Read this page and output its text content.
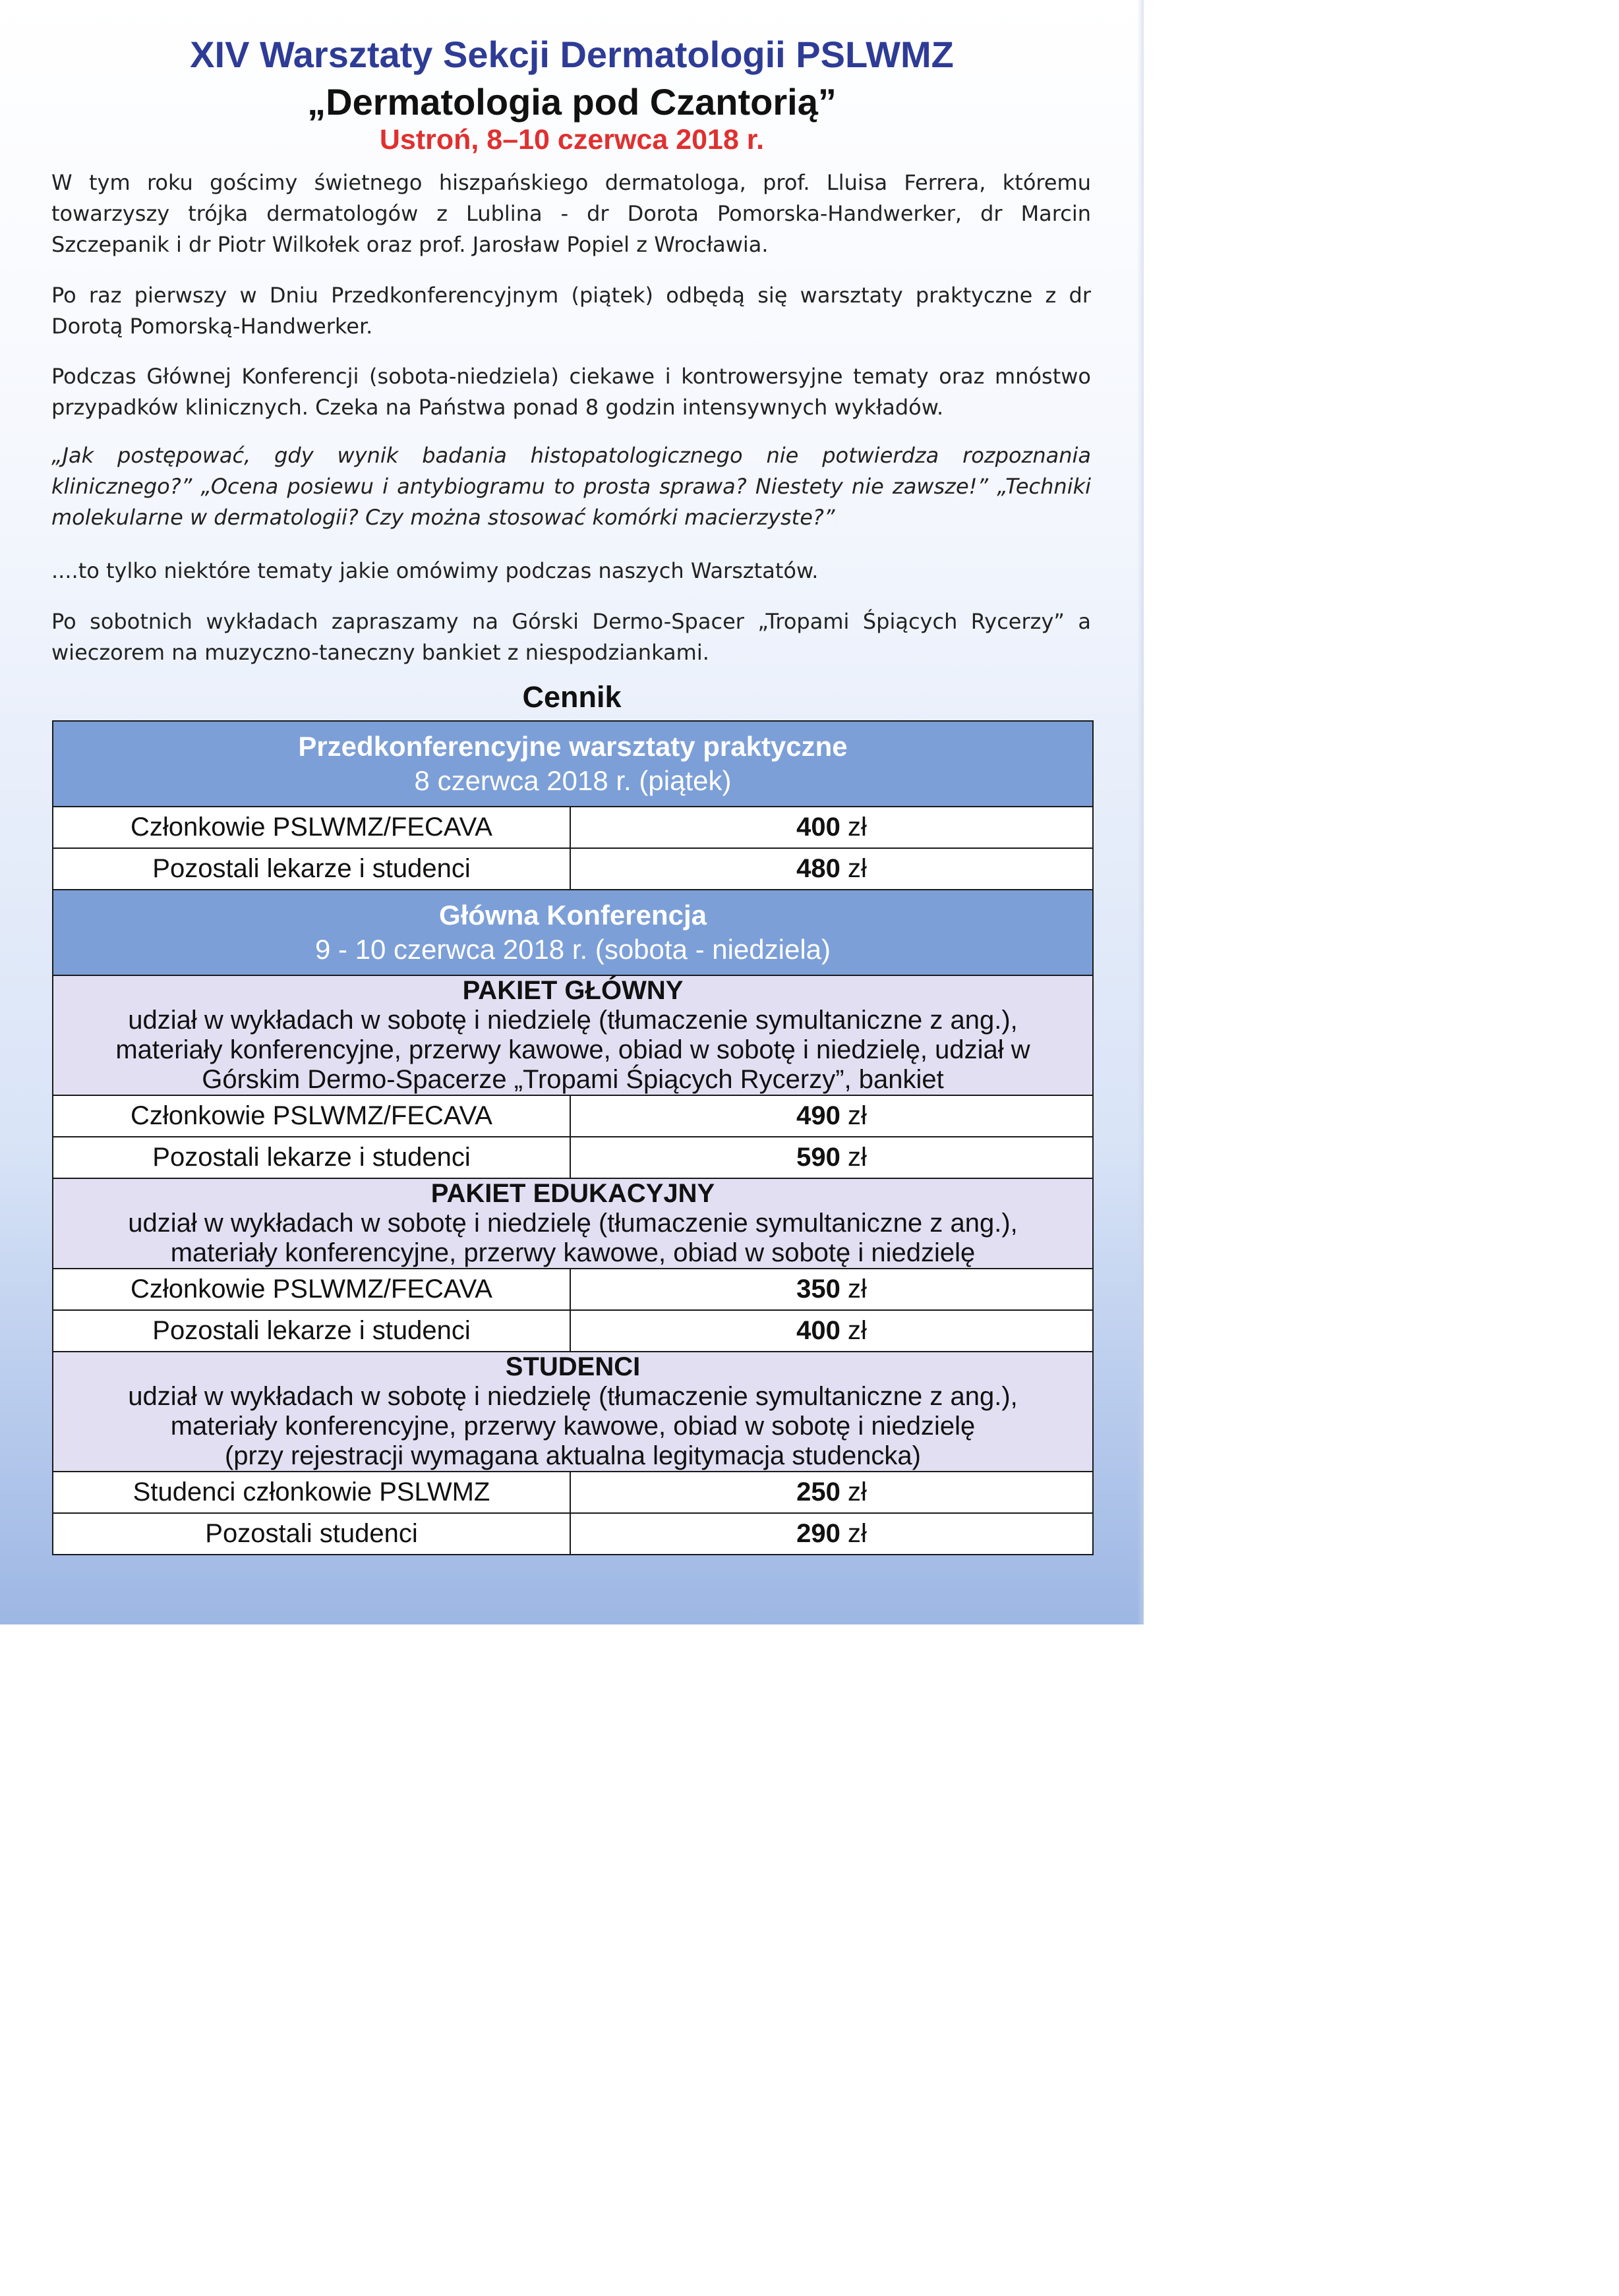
XIV Warsztaty Sekcji Dermatologii PSLWMZ
„Dermatologia pod Czantorią”
Ustroń, 8–10 czerwca 2018 r.

W tym roku gościmy świetnego hiszpańskiego dermatologa, prof. Lluisa Ferrera, któremu towarzyszy trójka dermatologów z Lublina - dr Dorota Pomorska-Handwerker, dr Marcin Szczepanik i dr Piotr Wilkołek oraz prof. Jarosław Popiel z Wrocławia.

Po raz pierwszy w Dniu Przedkonferencyjnym (piątek) odbędą się warsztaty praktyczne z dr Dorotą Pomorską-Handwerker.

Podczas Głównej Konferencji (sobota-niedziela) ciekawe i kontrowersyjne tematy oraz mnóstwo przypadków klinicznych. Czeka na Państwa ponad 8 godzin intensywnych wykładów.

„Jak postępować, gdy wynik badania histopatologicznego nie potwierdza rozpoznania klinicznego?” „Ocena posiewu i antybiogramu to prosta sprawa? Niestety nie zawsze!” „Techniki molekularne w dermatologii? Czy można stosować komórki macierzyste?”

....to tylko niektóre tematy jakie omówimy podczas naszych Warsztatów.

Po sobotnich wykładach zapraszamy na Górski Dermo-Spacer „Tropami Śpiących Rycerzy” a wieczorem na muzyczno-taneczny bankiet z niespodziankami.

Cennik
Przedkonferencyjne warsztaty praktyczne
8 czerwca 2018 r. (piątek)	

Członkowie PSLWMZ/FECAVA	400 zł
Pozostali lekarze i studenci	480 zł

Główna Konferencja
9 - 10 czerwca 2018 r. (sobota - niedziela)	

PAKIET GŁÓWNY
udział w wykładach w sobotę i niedzielę (tłumaczenie symultaniczne z ang.),
materiały konferencyjne, przerwy kawowe, obiad w sobotę i niedzielę, udział w
Górskim Dermo-Spacerze „Tropami Śpiących Rycerzy”, bankiet	

Członkowie PSLWMZ/FECAVA	490 zł
Pozostali lekarze i studenci	590 zł

PAKIET EDUKACYJNY
udział w wykładach w sobotę i niedzielę (tłumaczenie symultaniczne z ang.),
materiały konferencyjne, przerwy kawowe, obiad w sobotę i niedzielę	

Członkowie PSLWMZ/FECAVA	350 zł
Pozostali lekarze i studenci	400 zł

STUDENCI
udział w wykładach w sobotę i niedzielę (tłumaczenie symultaniczne z ang.),
materiały konferencyjne, przerwy kawowe, obiad w sobotę i niedzielę
(przy rejestracji wymagana aktualna legitymacja studencka)	

Studenci członkowie PSLWMZ	250 zł
Pozostali studenci	290 zł
